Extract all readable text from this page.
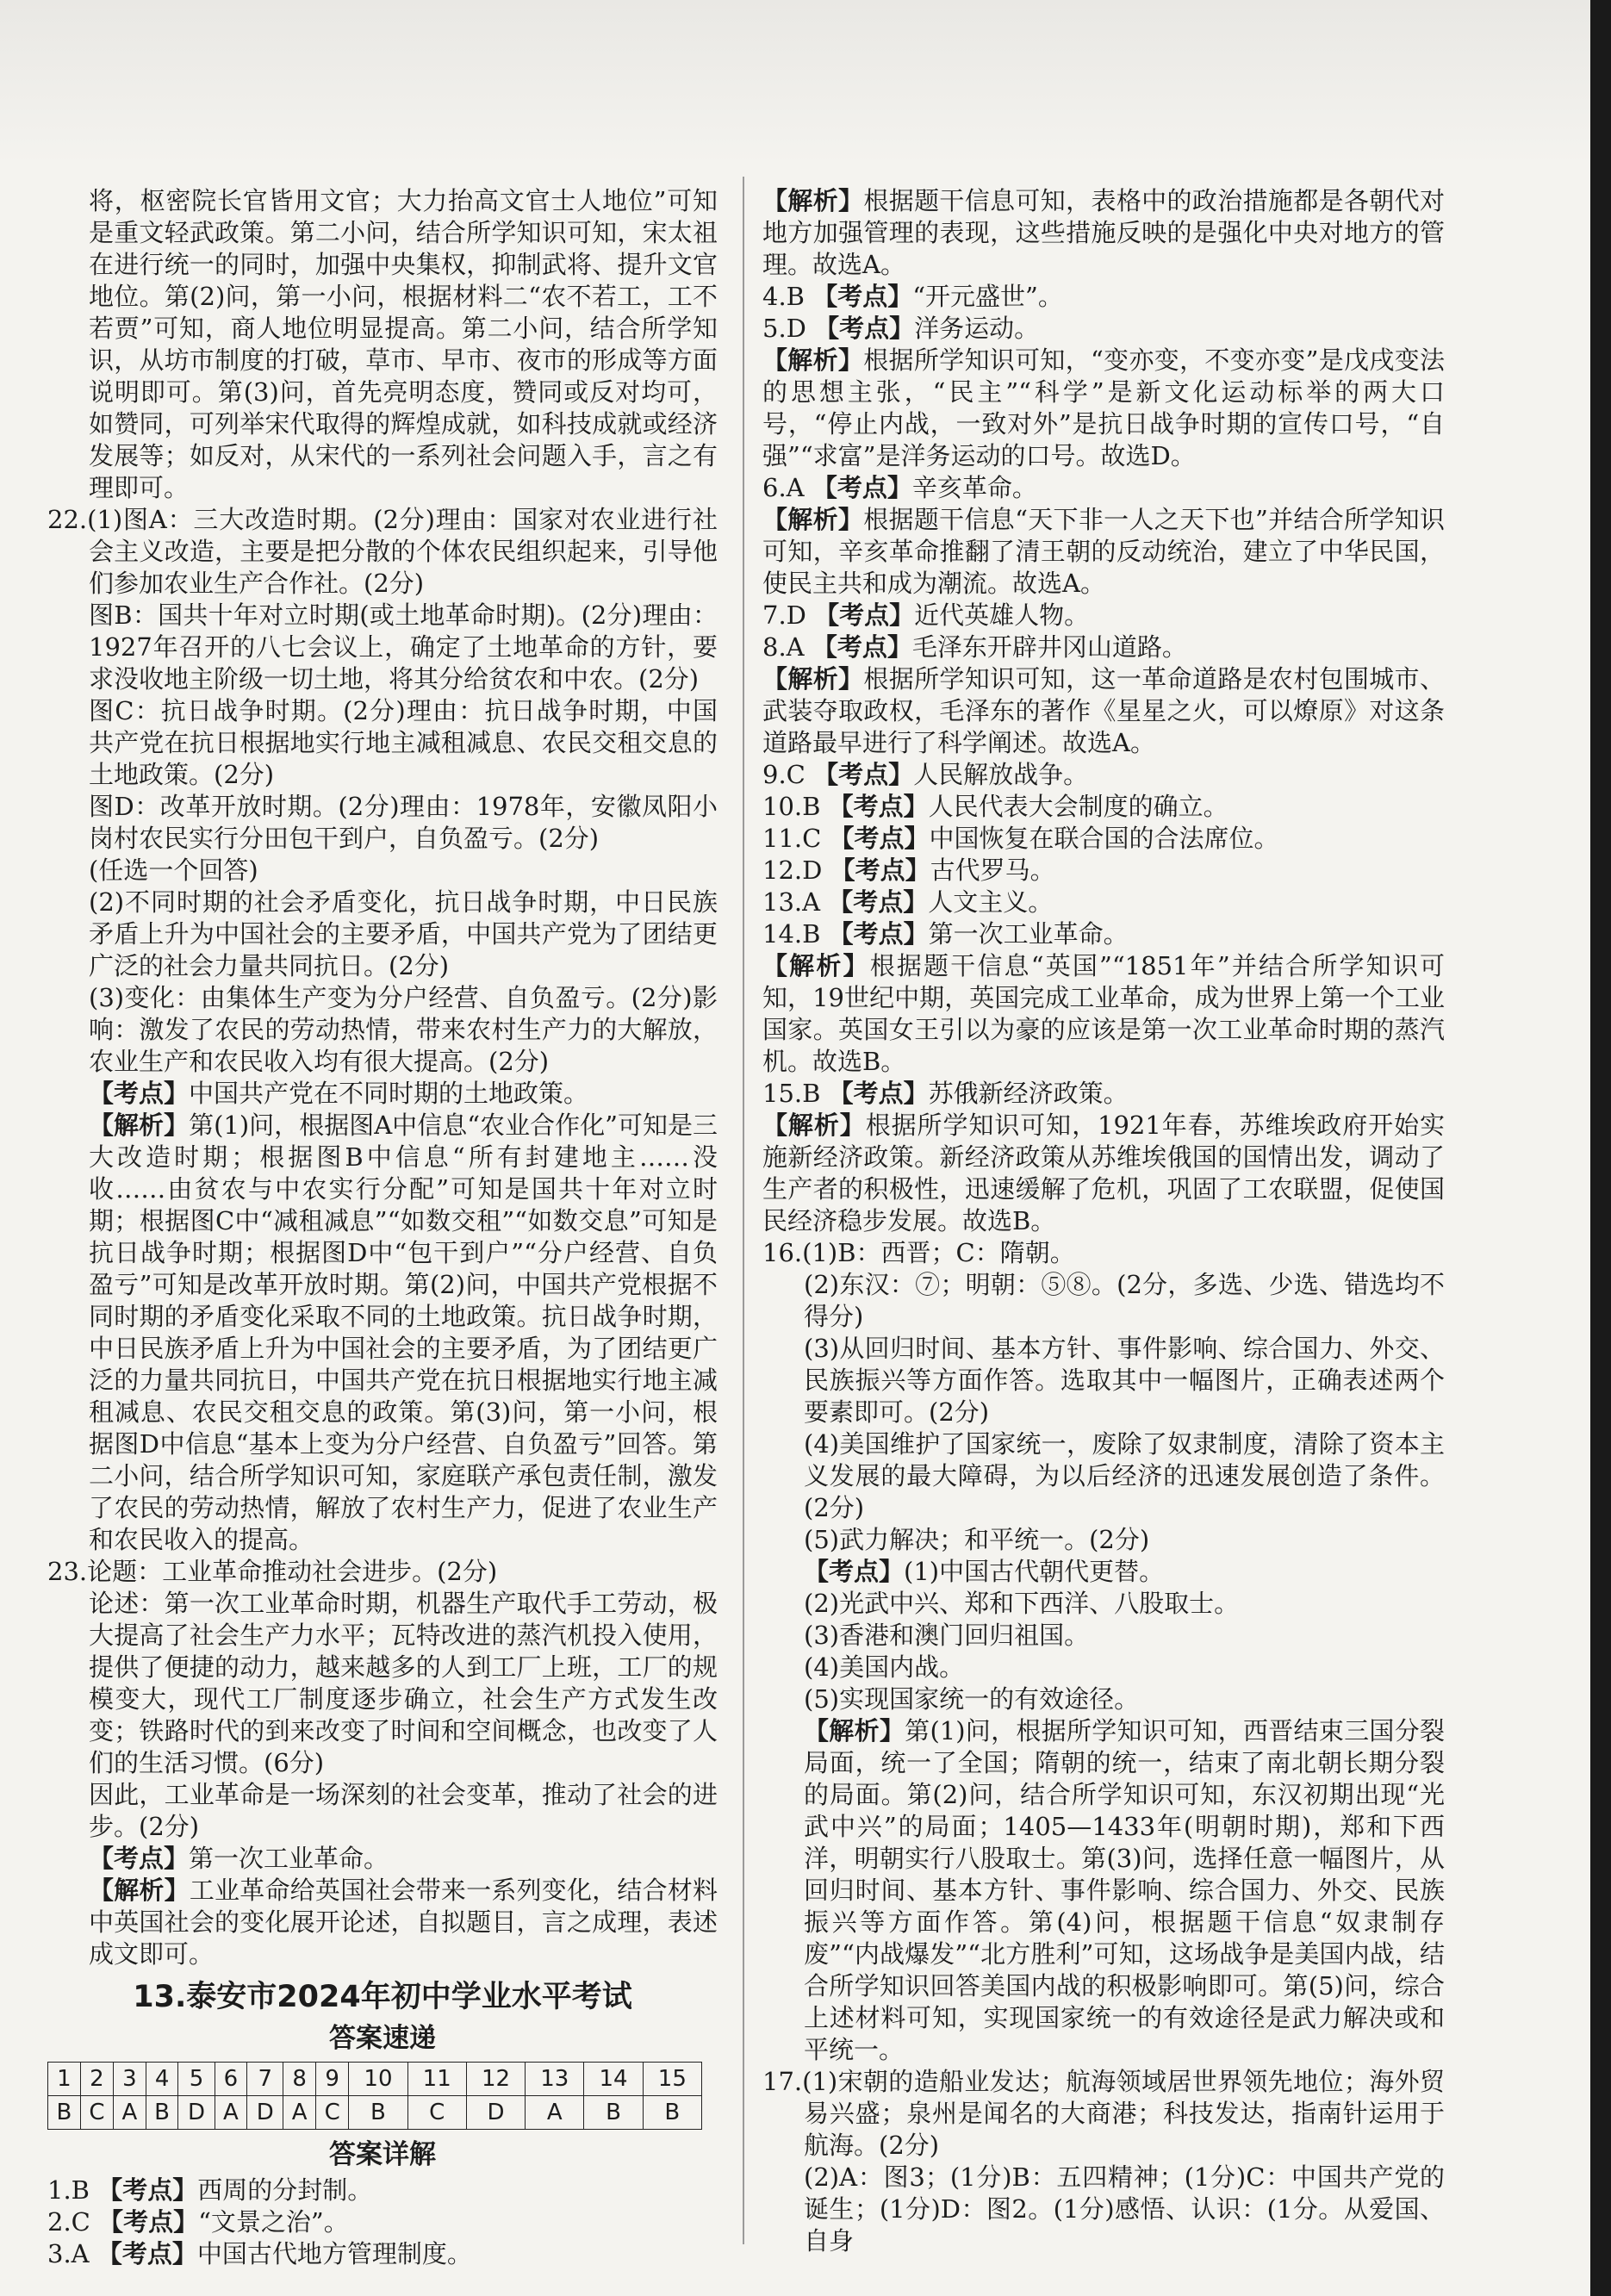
将，枢密院长官皆用文官；大力抬高文官士人地位”可知是重文轻武政策。第二小问，结合所学知识可知，宋太祖在进行统一的同时，加强中央集权，抑制武将、提升文官地位。第(2)问，第一小问，根据材料二“农不若工，工不若贾”可知，商人地位明显提高。第二小问，结合所学知识，从坊市制度的打破，草市、早市、夜市的形成等方面说明即可。第(3)问，首先亮明态度，赞同或反对均可，如赞同，可列举宋代取得的辉煌成就，如科技成就或经济发展等；如反对，从宋代的一系列社会问题入手，言之有理即可。

22.(1)图A：三大改造时期。(2分)理由：国家对农业进行社会主义改造，主要是把分散的个体农民组织起来，引导他们参加农业生产合作社。(2分)

图B：国共十年对立时期(或土地革命时期)。(2分)理由：1927年召开的八七会议上，确定了土地革命的方针，要求没收地主阶级一切土地，将其分给贫农和中农。(2分)

图C：抗日战争时期。(2分)理由：抗日战争时期，中国共产党在抗日根据地实行地主减租减息、农民交租交息的土地政策。(2分)

图D：改革开放时期。(2分)理由：1978年，安徽凤阳小岗村农民实行分田包干到户，自负盈亏。(2分)

(任选一个回答)

(2)不同时期的社会矛盾变化，抗日战争时期，中日民族矛盾上升为中国社会的主要矛盾，中国共产党为了团结更广泛的社会力量共同抗日。(2分)

(3)变化：由集体生产变为分户经营、自负盈亏。(2分)影响：激发了农民的劳动热情，带来农村生产力的大解放，农业生产和农民收入均有很大提高。(2分)

【考点】中国共产党在不同时期的土地政策。

【解析】第(1)问，根据图A中信息“农业合作化”可知是三大改造时期；根据图B中信息“所有封建地主……没收……由贫农与中农实行分配”可知是国共十年对立时期；根据图C中“减租减息”“如数交租”“如数交息”可知是抗日战争时期；根据图D中“包干到户”“分户经营、自负盈亏”可知是改革开放时期。第(2)问，中国共产党根据不同时期的矛盾变化采取不同的土地政策。抗日战争时期，中日民族矛盾上升为中国社会的主要矛盾，为了团结更广泛的力量共同抗日，中国共产党在抗日根据地实行地主减租减息、农民交租交息的政策。第(3)问，第一小问，根据图D中信息“基本上变为分户经营、自负盈亏”回答。第二小问，结合所学知识可知，家庭联产承包责任制，激发了农民的劳动热情，解放了农村生产力，促进了农业生产和农民收入的提高。

23.论题：工业革命推动社会进步。(2分)

论述：第一次工业革命时期，机器生产取代手工劳动，极大提高了社会生产力水平；瓦特改进的蒸汽机投入使用，提供了便捷的动力，越来越多的人到工厂上班，工厂的规模变大，现代工厂制度逐步确立，社会生产方式发生改变；铁路时代的到来改变了时间和空间概念，也改变了人们的生活习惯。(6分)

因此，工业革命是一场深刻的社会变革，推动了社会的进步。(2分)

【考点】第一次工业革命。

【解析】工业革命给英国社会带来一系列变化，结合材料中英国社会的变化展开论述，自拟题目，言之成理，表述成文即可。

13.泰安市2024年初中学业水平考试
答案速递
1	2	3	4	5	6	7	8	9	10	11	12	13	14	15
B	C	A	B	D	A	D	A	C	B	C	D	A	B	B
答案详解

1.B 【考点】西周的分封制。

2.C 【考点】“文景之治”。

3.A 【考点】中国古代地方管理制度。

【解析】根据题干信息可知，表格中的政治措施都是各朝代对地方加强管理的表现，这些措施反映的是强化中央对地方的管理。故选A。

4.B 【考点】“开元盛世”。

5.D 【考点】洋务运动。

【解析】根据所学知识可知，“变亦变，不变亦变”是戊戌变法的思想主张，“民主”“科学”是新文化运动标举的两大口号，“停止内战，一致对外”是抗日战争时期的宣传口号，“自强”“求富”是洋务运动的口号。故选D。

6.A 【考点】辛亥革命。

【解析】根据题干信息“天下非一人之天下也”并结合所学知识可知，辛亥革命推翻了清王朝的反动统治，建立了中华民国，使民主共和成为潮流。故选A。

7.D 【考点】近代英雄人物。

8.A 【考点】毛泽东开辟井冈山道路。

【解析】根据所学知识可知，这一革命道路是农村包围城市、武装夺取政权，毛泽东的著作《星星之火，可以燎原》对这条道路最早进行了科学阐述。故选A。

9.C 【考点】人民解放战争。

10.B 【考点】人民代表大会制度的确立。

11.C 【考点】中国恢复在联合国的合法席位。

12.D 【考点】古代罗马。

13.A 【考点】人文主义。

14.B 【考点】第一次工业革命。

【解析】根据题干信息“英国”“1851年”并结合所学知识可知，19世纪中期，英国完成工业革命，成为世界上第一个工业国家。英国女王引以为豪的应该是第一次工业革命时期的蒸汽机。故选B。

15.B 【考点】苏俄新经济政策。

【解析】根据所学知识可知，1921年春，苏维埃政府开始实施新经济政策。新经济政策从苏维埃俄国的国情出发，调动了生产者的积极性，迅速缓解了危机，巩固了工农联盟，促使国民经济稳步发展。故选B。

16.(1)B：西晋；C：隋朝。

(2)东汉：⑦；明朝：⑤⑧。(2分，多选、少选、错选均不得分)

(3)从回归时间、基本方针、事件影响、综合国力、外交、民族振兴等方面作答。选取其中一幅图片，正确表述两个要素即可。(2分)

(4)美国维护了国家统一，废除了奴隶制度，清除了资本主义发展的最大障碍，为以后经济的迅速发展创造了条件。(2分)

(5)武力解决；和平统一。(2分)

【考点】(1)中国古代朝代更替。

(2)光武中兴、郑和下西洋、八股取士。

(3)香港和澳门回归祖国。

(4)美国内战。

(5)实现国家统一的有效途径。

【解析】第(1)问，根据所学知识可知，西晋结束三国分裂局面，统一了全国；隋朝的统一，结束了南北朝长期分裂的局面。第(2)问，结合所学知识可知，东汉初期出现“光武中兴”的局面；1405—1433年(明朝时期)，郑和下西洋，明朝实行八股取士。第(3)问，选择任意一幅图片，从回归时间、基本方针、事件影响、综合国力、外交、民族振兴等方面作答。第(4)问，根据题干信息“奴隶制存废”“内战爆发”“北方胜利”可知，这场战争是美国内战，结合所学知识回答美国内战的积极影响即可。第(5)问，综合上述材料可知，实现国家统一的有效途径是武力解决或和平统一。

17.(1)宋朝的造船业发达；航海领域居世界领先地位；海外贸易兴盛；泉州是闻名的大商港；科技发达，指南针运用于航海。(2分)

(2)A：图3；(1分)B：五四精神；(1分)C：中国共产党的诞生；(1分)D：图2。(1分)感悟、认识：(1分。从爱国、自身
